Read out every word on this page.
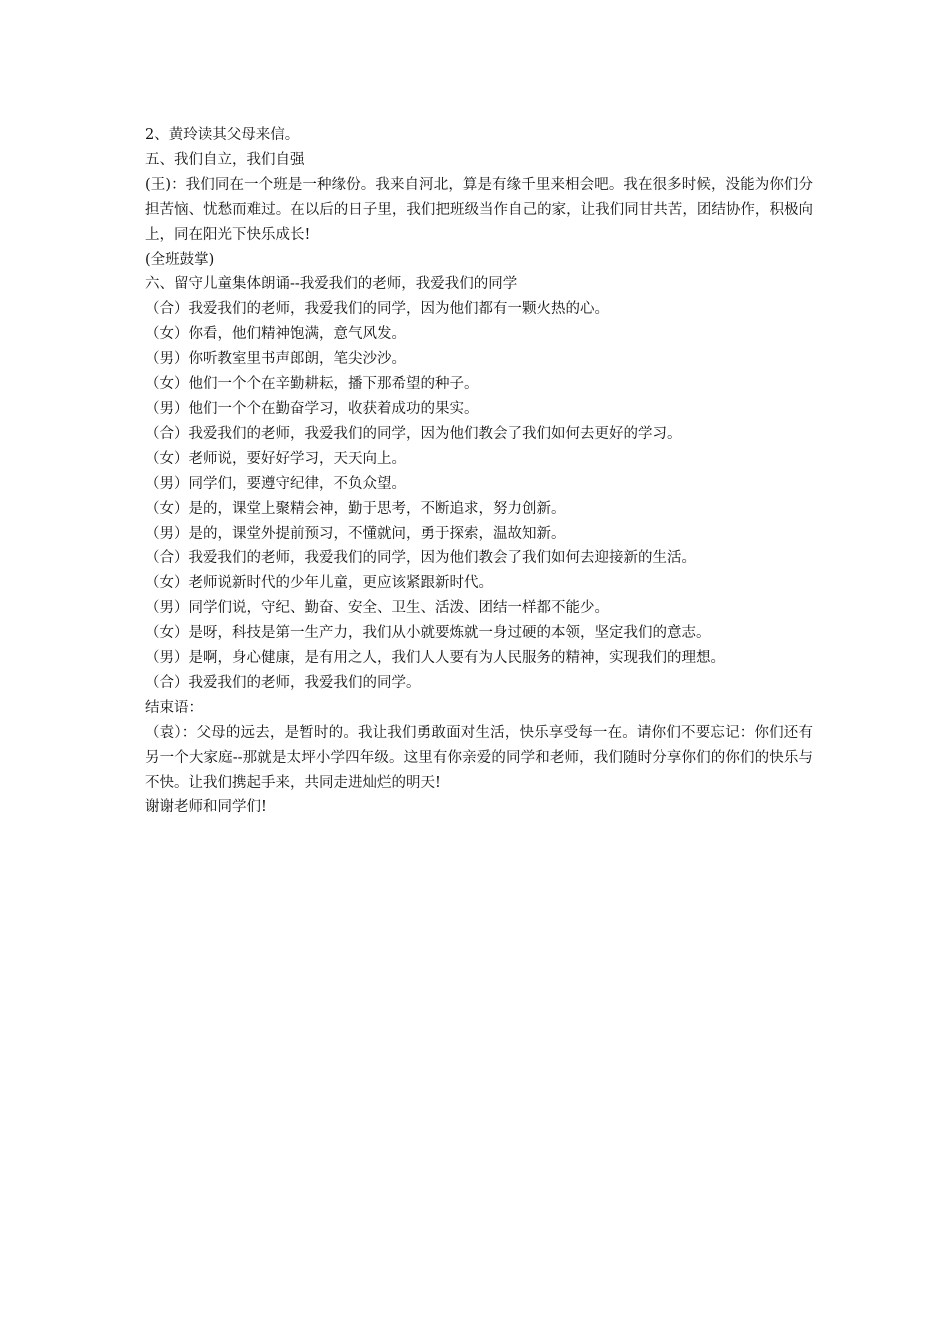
2、黄玲读其父母来信。

五、我们自立，我们自强

(王)：我们同在一个班是一种缘份。我来自河北，算是有缘千里来相会吧。我在很多时候，没能为你们分担苦恼、忧愁而难过。在以后的日子里，我们把班级当作自己的家，让我们同甘共苦，团结协作，积极向上，同在阳光下快乐成长!

(全班鼓掌)

六、留守儿童集体朗诵--我爱我们的老师，我爱我们的同学

（合）我爱我们的老师，我爱我们的同学，因为他们都有一颗火热的心。

（女）你看，他们精神饱满，意气风发。

（男）你听教室里书声郎朗，笔尖沙沙。

（女）他们一个个在辛勤耕耘，播下那希望的种子。

（男）他们一个个在勤奋学习，收获着成功的果实。

（合）我爱我们的老师，我爱我们的同学，因为他们教会了我们如何去更好的学习。

（女）老师说，要好好学习，天天向上。

（男）同学们，要遵守纪律，不负众望。

（女）是的，课堂上聚精会神，勤于思考，不断追求，努力创新。

（男）是的，课堂外提前预习，不懂就问，勇于探索，温故知新。

（合）我爱我们的老师，我爱我们的同学，因为他们教会了我们如何去迎接新的生活。

（女）老师说新时代的少年儿童，更应该紧跟新时代。

（男）同学们说，守纪、勤奋、安全、卫生、活泼、团结一样都不能少。

（女）是呀，科技是第一生产力，我们从小就要炼就一身过硬的本领，坚定我们的意志。

（男）是啊，身心健康，是有用之人，我们人人要有为人民服务的精神，实现我们的理想。

（合）我爱我们的老师，我爱我们的同学。

结束语：

（袁）：父母的远去，是暂时的。我让我们勇敢面对生活，快乐享受每一在。请你们不要忘记：你们还有另一个大家庭--那就是太坪小学四年级。这里有你亲爱的同学和老师，我们随时分享你们的你们的快乐与不快。让我们携起手来，共同走进灿烂的明天!

谢谢老师和同学们!
